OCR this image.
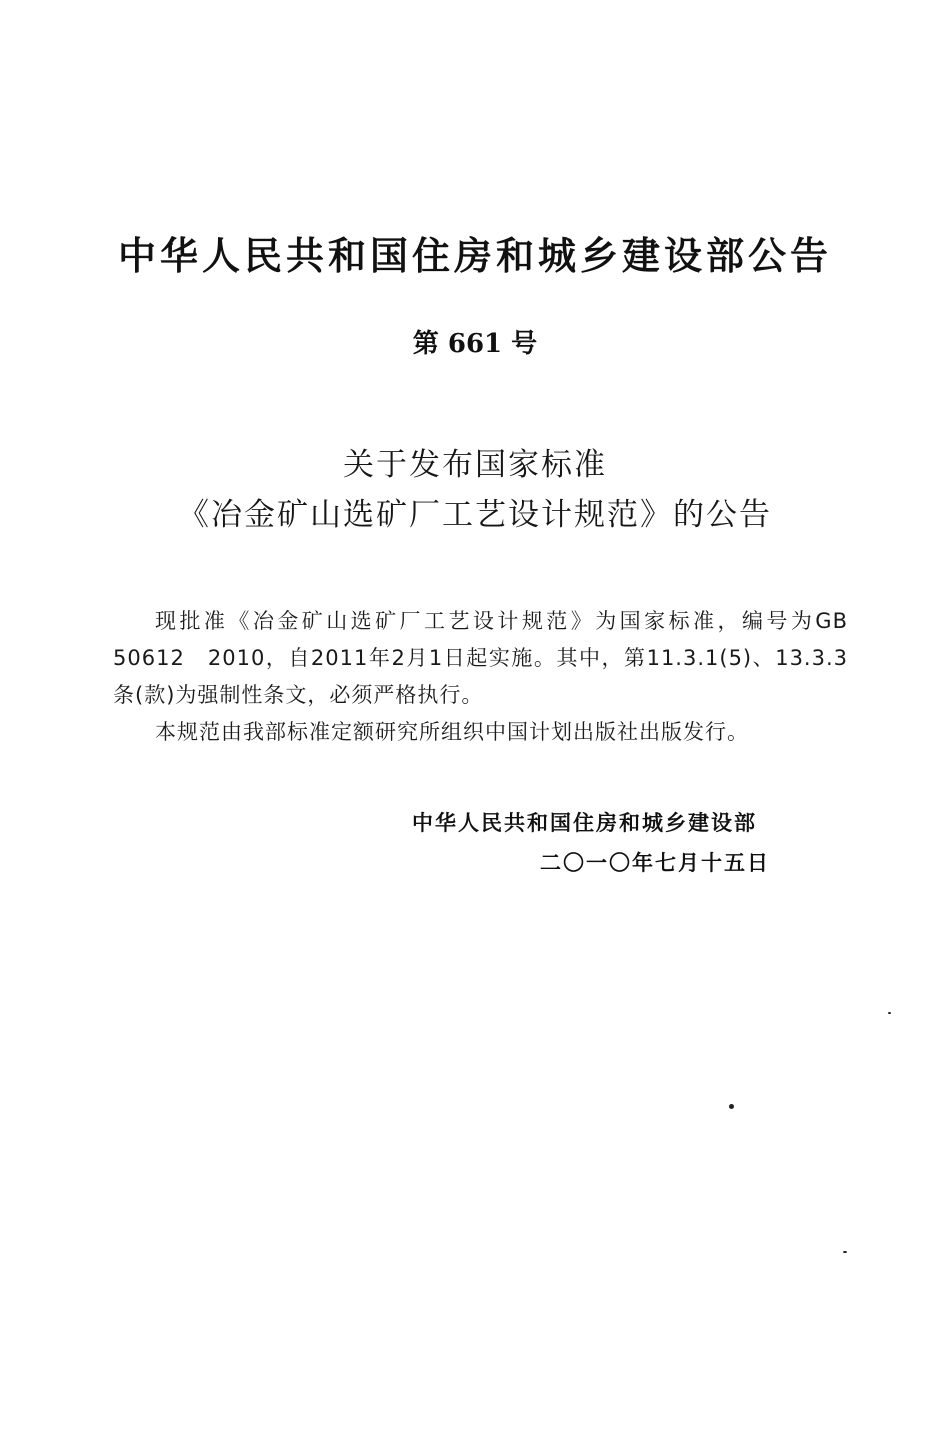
中华人民共和国住房和城乡建设部公告
第 661 号
关于发布国家标准
《冶金矿山选矿厂工艺设计规范》的公告

现批准《冶金矿山选矿厂工艺设计规范》为国家标准，编号为GB 50612　2010，自2011年2月1日起实施。其中，第11.3.1(5)、13.3.3条(款)为强制性条文，必须严格执行。

本规范由我部标准定额研究所组织中国计划出版社出版发行。

中华人民共和国住房和城乡建设部
二〇一〇年七月十五日
